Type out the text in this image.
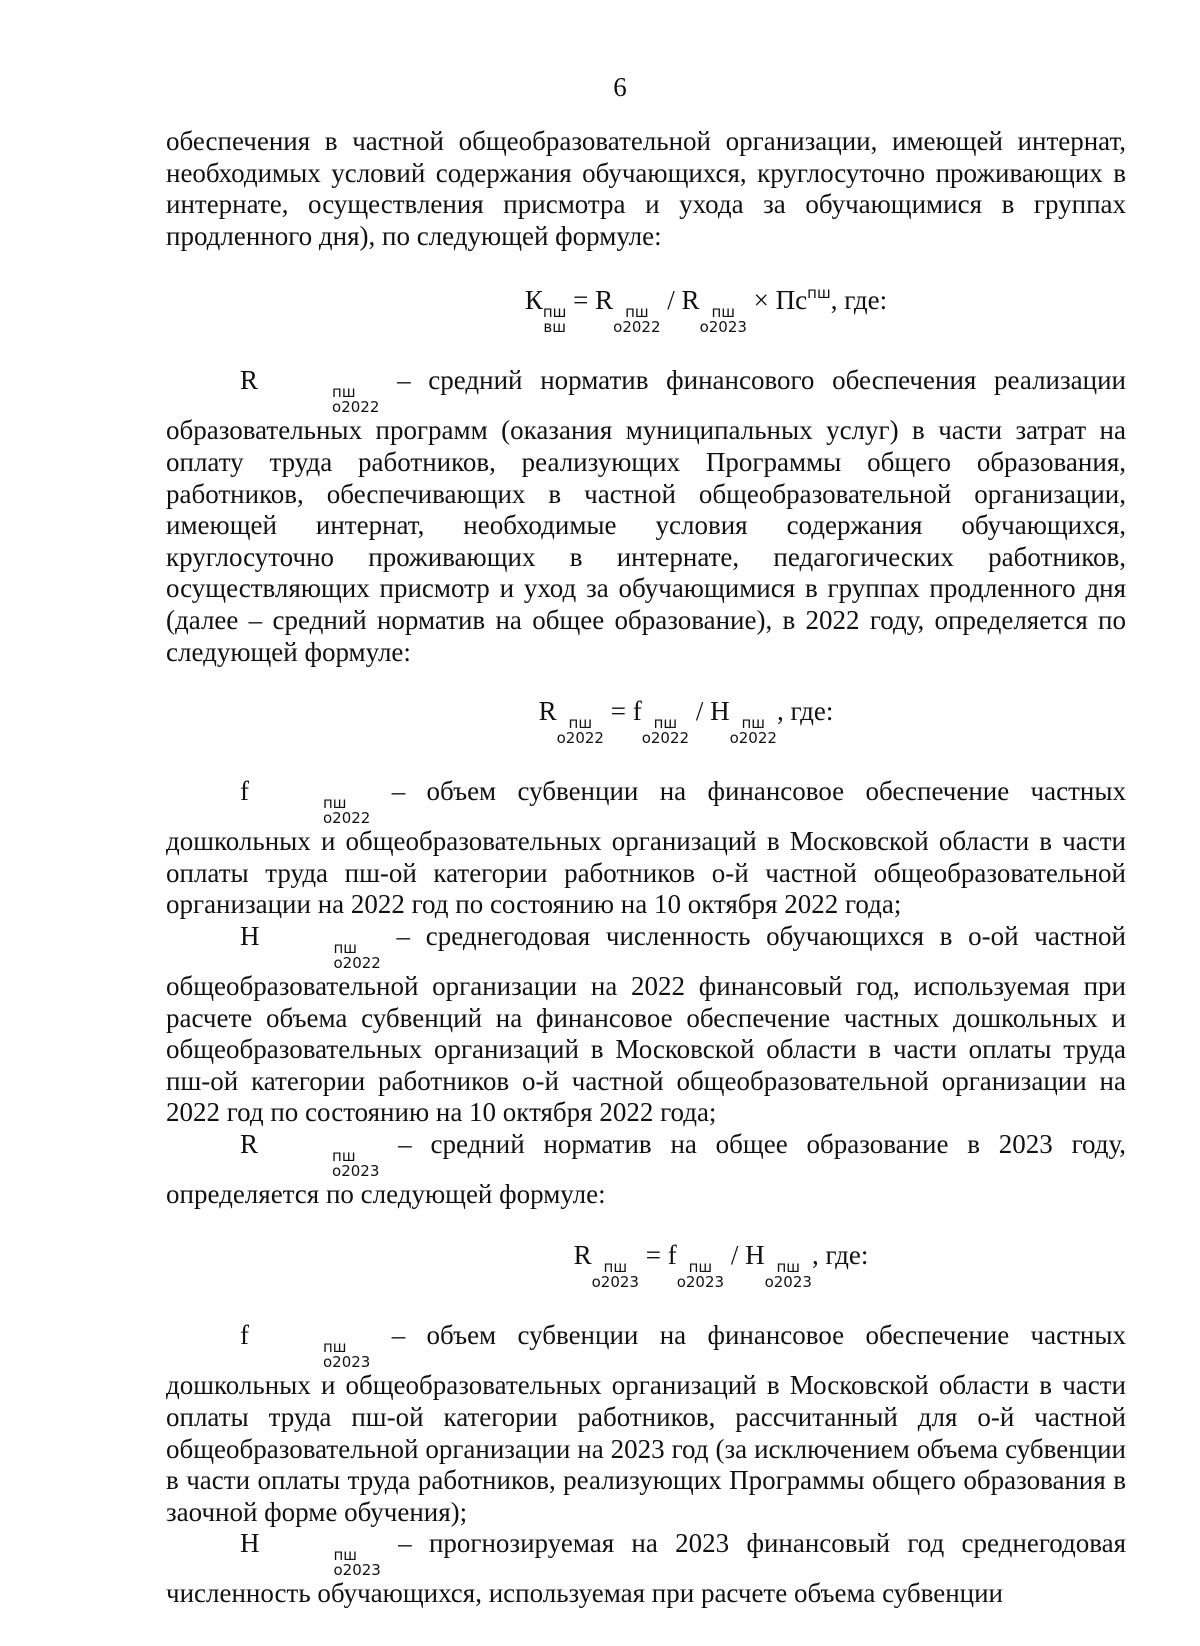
6

обеспечения в частной общеобразовательной организации, имеющей интернат, необходимых условий содержания обучающихся, круглосуточно проживающих в интернате, осуществления присмотра и ухода за обучающимися в группах продленного дня), по следующей формуле:

К пш
вш
= R пш
o2022
/ R пш
o2023
× $Пс^{пш}$, где:

R	пш
o2022
– средний норматив финансового обеспечения реализации образовательных программ (оказания муниципальных услуг) в части затрат на оплату труда работников, реализующих Программы общего образования, работников, обеспечивающих в частной общеобразовательной организации, имеющей интернат, необходимые условия содержания обучающихся, круглосуточно проживающих в интернате, педагогических работников, осуществляющих присмотр и уход за обучающимися в группах продленного дня (далее – средний норматив на общее образование), в 2022 году, определяется по следующей формуле:

R пш
o2022
= f пш
o2022
/ H пш
o2022
, где:

f	пш
o2022
– объем субвенции на финансовое обеспечение частных дошкольных и общеобразовательных организаций в Московской области в части оплаты труда пш-ой категории работников о-й частной общеобразовательной организации на 2022 год по состоянию на 10 октября 2022 года;

H	пш
o2022
– среднегодовая численность обучающихся в о-ой частной общеобразовательной организации на 2022 финансовый год, используемая при расчете объема субвенций на финансовое обеспечение частных дошкольных и общеобразовательных организаций в Московской области в части оплаты труда пш-ой категории работников о-й частной общеобразовательной организации на 2022 год по состоянию на 10 октября 2022 года;

R	пш
o2023
– средний норматив на общее образование в 2023 году, определяется по следующей формуле:

R пш
o2023
= f пш
o2023
/ H пш
o2023
, где:

f	пш
o2023
– объем субвенции на финансовое обеспечение частных дошкольных и общеобразовательных организаций в Московской области в части оплаты труда пш-ой категории работников, рассчитанный для о-й частной общеобразовательной организации на 2023 год (за исключением объема субвенции в части оплаты труда работников, реализующих Программы общего образования в заочной форме обучения);

H	пш
o2023
– прогнозируемая на 2023 финансовый год среднегодовая численность обучающихся, используемая при расчете объема субвенции
